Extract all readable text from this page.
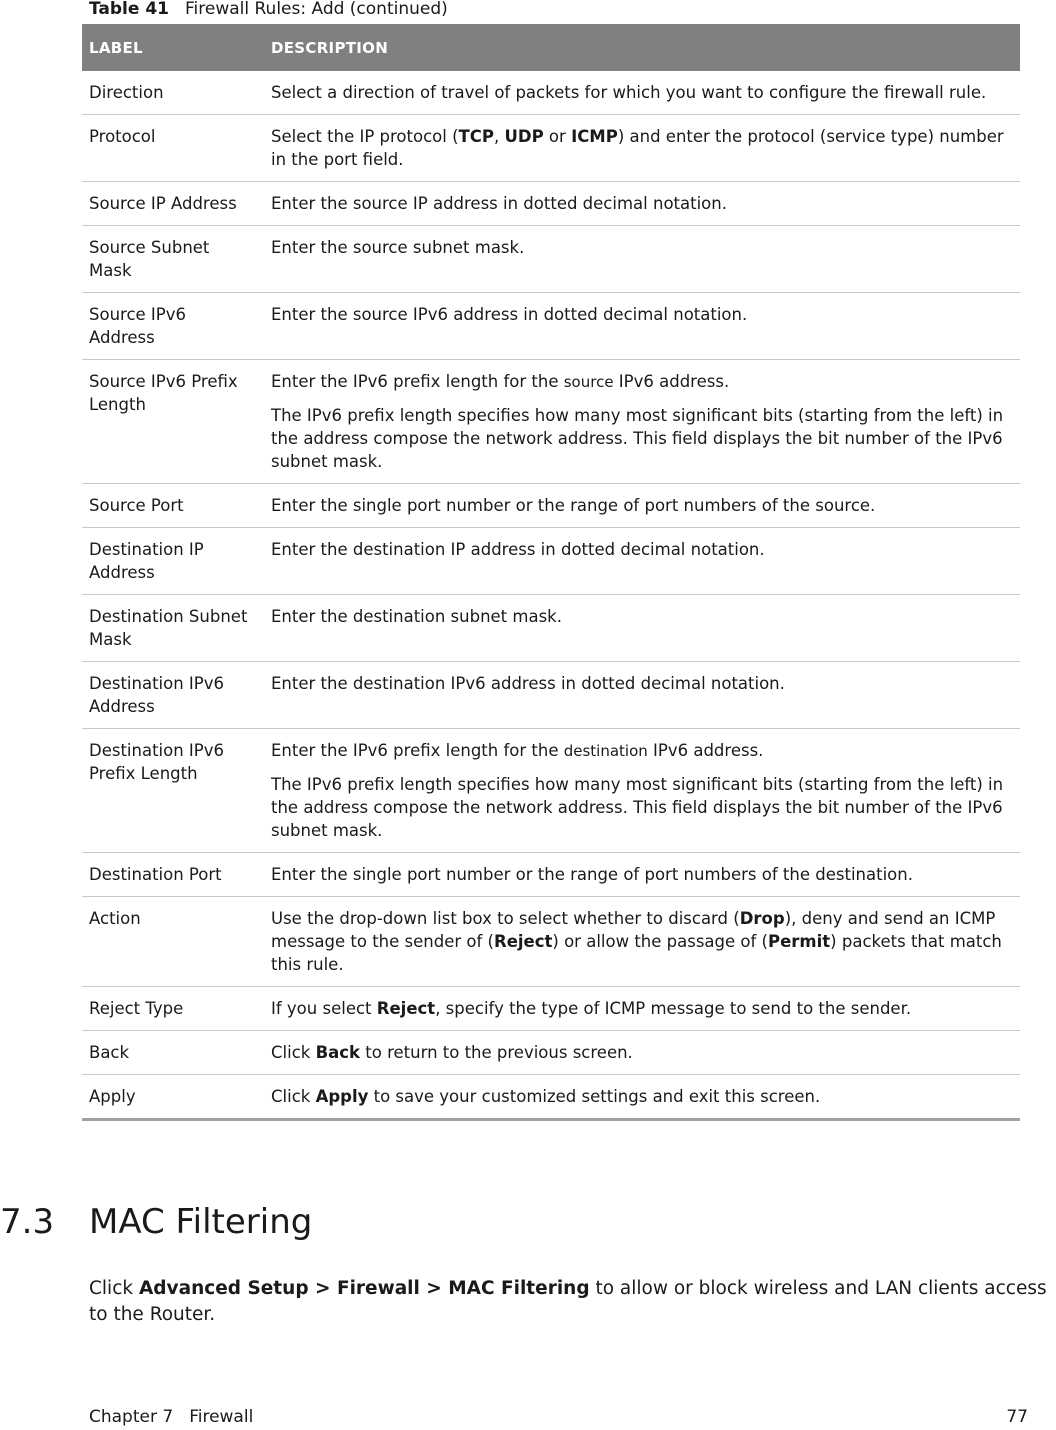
Table 41 Firewall Rules: Add (continued)
LABEL	DESCRIPTION
Direction	Select a direction of travel of packets for which you want to configure the firewall rule.
Protocol	Select the IP protocol (TCP, UDP or ICMP) and enter the protocol (service type) number in the port field.
Source IP Address	Enter the source IP address in dotted decimal notation.
Source Subnet Mask	Enter the source subnet mask.
Source IPv6 Address	Enter the source IPv6 address in dotted decimal notation.
Source IPv6 Prefix Length	Enter the IPv6 prefix length for the source IPv6 address.

The IPv6 prefix length specifies how many most significant bits (starting from the left) in the address compose the network address. This field displays the bit number of the IPv6 subnet mask.

Source Port	Enter the single port number or the range of port numbers of the source.
Destination IP Address	Enter the destination IP address in dotted decimal notation.
Destination Subnet Mask	Enter the destination subnet mask.
Destination IPv6 Address	Enter the destination IPv6 address in dotted decimal notation.
Destination IPv6 Prefix Length	Enter the IPv6 prefix length for the destination IPv6 address.

The IPv6 prefix length specifies how many most significant bits (starting from the left) in the address compose the network address. This field displays the bit number of the IPv6 subnet mask.

Destination Port	Enter the single port number or the range of port numbers of the destination.
Action	Use the drop-down list box to select whether to discard (Drop), deny and send an ICMP message to the sender of (Reject) or allow the passage of (Permit) packets that match this rule.
Reject Type	If you select Reject, specify the type of ICMP message to send to the sender.
Back	Click Back to return to the previous screen.
Apply	Click Apply to save your customized settings and exit this screen.
7.3 MAC Filtering
Click Advanced Setup > Firewall > MAC Filtering to allow or block wireless and LAN clients access to the Router.
Chapter 7 Firewall	77
